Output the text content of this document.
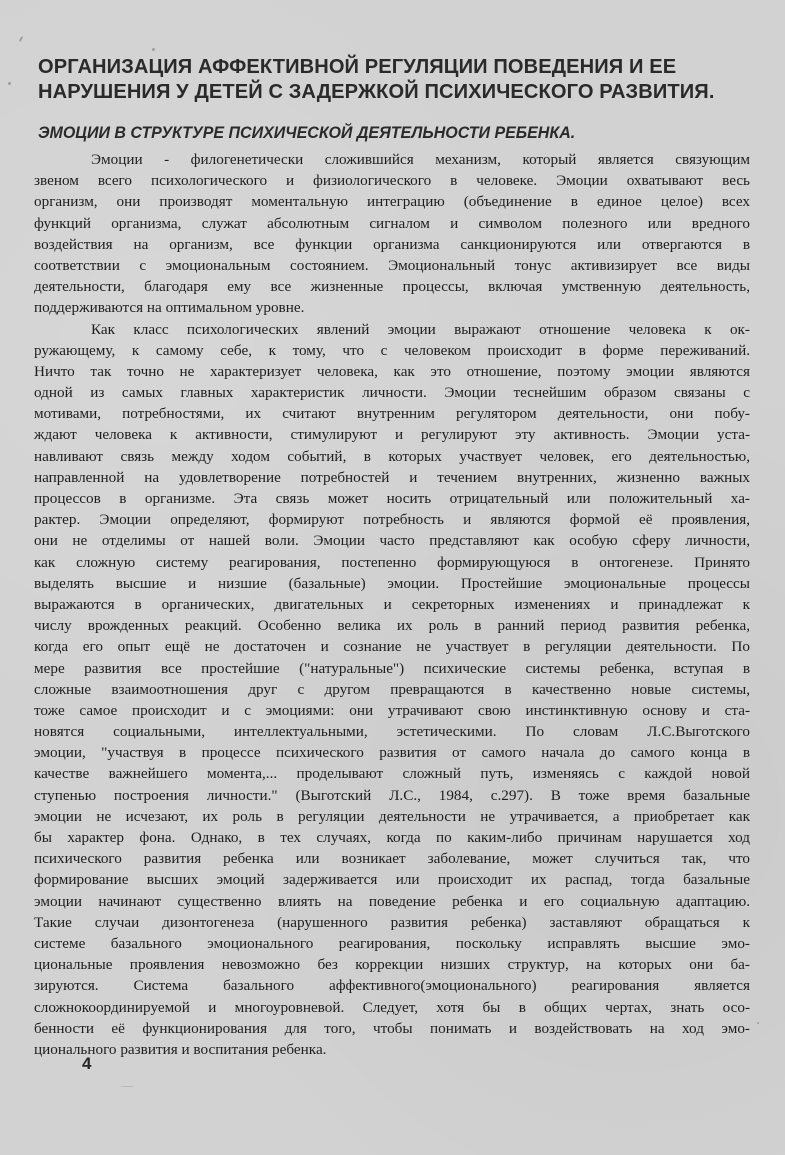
ОРГАНИЗАЦИЯ АФФЕКТИВНОЙ РЕГУЛЯЦИИ ПОВЕДЕНИЯ И ЕЕ
НАРУШЕНИЯ У ДЕТЕЙ С ЗАДЕРЖКОЙ ПСИХИЧЕСКОГО РАЗВИТИЯ.
ЭМОЦИИ В СТРУКТУРЕ ПСИХИЧЕСКОЙ ДЕЯТЕЛЬНОСТИ РЕБЕНКА.
Эмоции - филогенетически сложившийся механизм, который является связующим
звеном всего психологического и физиологического в человеке. Эмоции охватывают весь
организм, они производят моментальную интеграцию (объединение в единое целое) всех
функций организма, служат абсолютным сигналом и символом полезного или вредного
воздействия на организм, все функции организма санкционируются или отвергаются в
соответствии с эмоциональным состоянием. Эмоциональный тонус активизирует все виды
деятельности, благодаря ему все жизненные процессы, включая умственную деятельность,
поддерживаются на оптимальном уровне.
Как класс психологических явлений эмоции выражают отношение человека к ок-
ружающему, к самому себе, к тому, что с человеком происходит в форме переживаний.
Ничто так точно не характеризует человека, как это отношение, поэтому эмоции являются
одной из самых главных характеристик личности. Эмоции теснейшим образом связаны с
мотивами, потребностями, их считают внутренним регулятором деятельности, они побу-
ждают человека к активности, стимулируют и регулируют эту активность. Эмоции уста-
навливают связь между ходом событий, в которых участвует человек, его деятельностью,
направленной на удовлетворение потребностей и течением внутренних, жизненно важных
процессов в организме. Эта связь может носить отрицательный или положительный ха-
рактер. Эмоции определяют, формируют потребность и являются формой её проявления,
они не отделимы от нашей воли. Эмоции часто представляют как особую сферу личности,
как сложную систему реагирования, постепенно формирующуюся в онтогенезе. Принято
выделять высшие и низшие (базальные) эмоции. Простейшие эмоциональные процессы
выражаются в органических, двигательных и секреторных изменениях и принадлежат к
числу врожденных реакций. Особенно велика их роль в ранний период развития ребенка,
когда его опыт ещё не достаточен и сознание не участвует в регуляции деятельности. По
мере развития все простейшие ("натуральные") психические системы ребенка, вступая в
сложные взаимоотношения друг с другом превращаются в качественно новые системы,
тоже самое происходит и с эмоциями: они утрачивают свою инстинктивную основу и ста-
новятся социальными, интеллектуальными, эстетическими. По словам Л.С.Выготского
эмоции, "участвуя в процессе психического развития от самого начала до самого конца в
качестве важнейшего момента,... проделывают сложный путь, изменяясь с каждой новой
ступенью построения личности." (Выготский Л.С., 1984, с.297). В тоже время базальные
эмоции не исчезают, их роль в регуляции деятельности не утрачивается, а приобретает как
бы характер фона. Однако, в тех случаях, когда по каким-либо причинам нарушается ход
психического развития ребенка или возникает заболевание, может случиться так, что
формирование высших эмоций задерживается или происходит их распад, тогда базальные
эмоции начинают существенно влиять на поведение ребенка и его социальную адаптацию.
Такие случаи дизонтогенеза (нарушенного развития ребенка) заставляют обращаться к
системе базального эмоционального реагирования, поскольку исправлять высшие эмо-
циональные проявления невозможно без коррекции низших структур, на которых они ба-
зируются. Система базального аффективного(эмоционального) реагирования является
сложнокоординируемой и многоуровневой. Следует, хотя бы в общих чертах, знать осо-
бенности её функционирования для того, чтобы понимать и воздействовать на ход эмо-
ционального развития и воспитания ребенка.
4
